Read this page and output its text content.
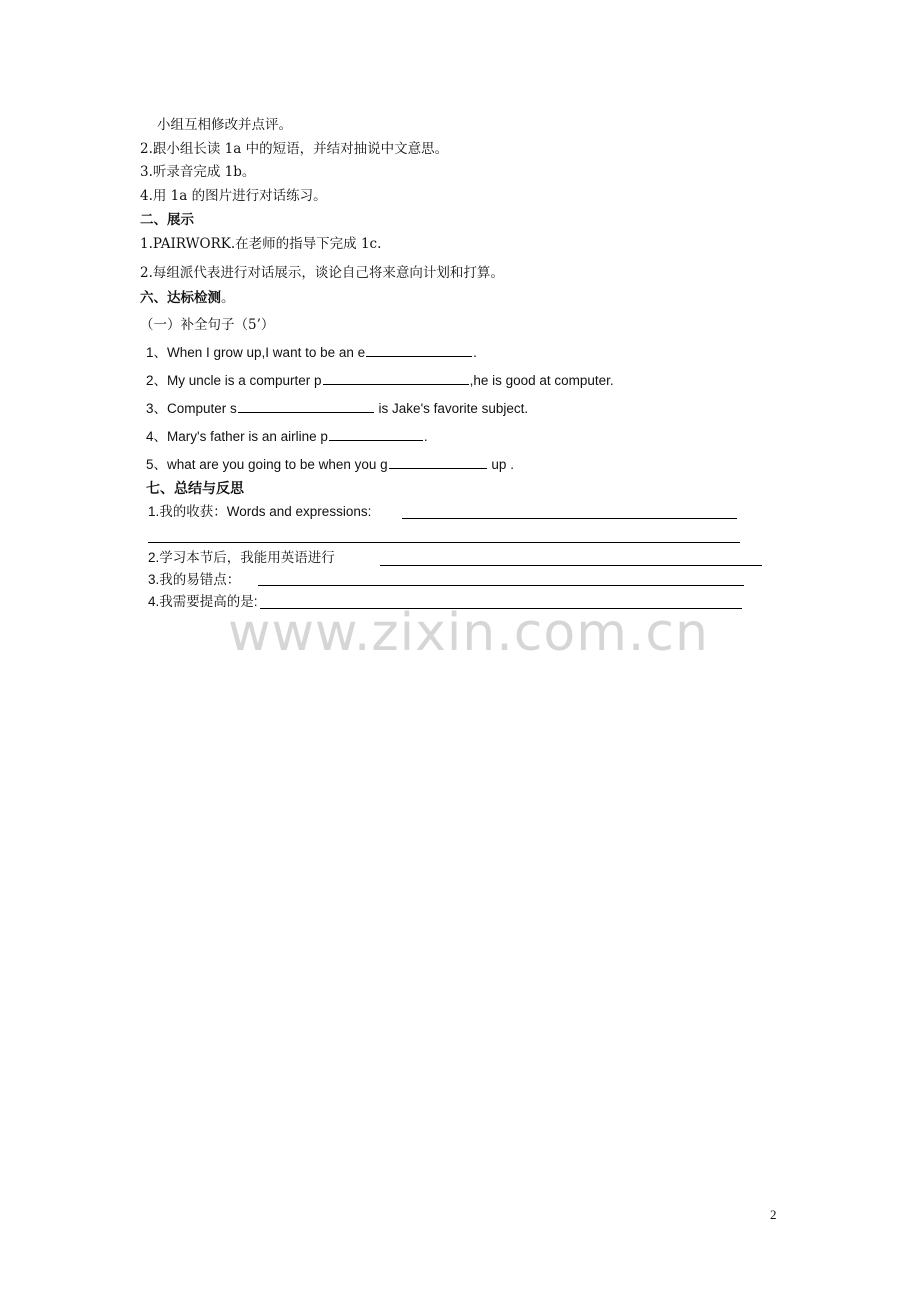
小组互相修改并点评。
2.跟小组长读 1a 中的短语，并结对抽说中文意思。
3.听录音完成 1b。
4.用 1a 的图片进行对话练习。
二、展示
1.PAIRWORK.在老师的指导下完成 1c.
2.每组派代表进行对话展示，谈论自己将来意向计划和打算。
六、达标检测。
（一）补全句子（5’）
1、When I grow up,I want to be an e	.
2、My uncle is a compurter p	,he is good at computer.
3、Computer s	is Jake's favorite subject.
4、Mary's father is an airline p	.
5、what are you going to be when you g	up .
七、总结与反思
1.我的收获：Words and expressions:
2.学习本节后，我能用英语进行
3.我的易错点：
4.我需要提高的是:
www.zixin.com.cn
2
